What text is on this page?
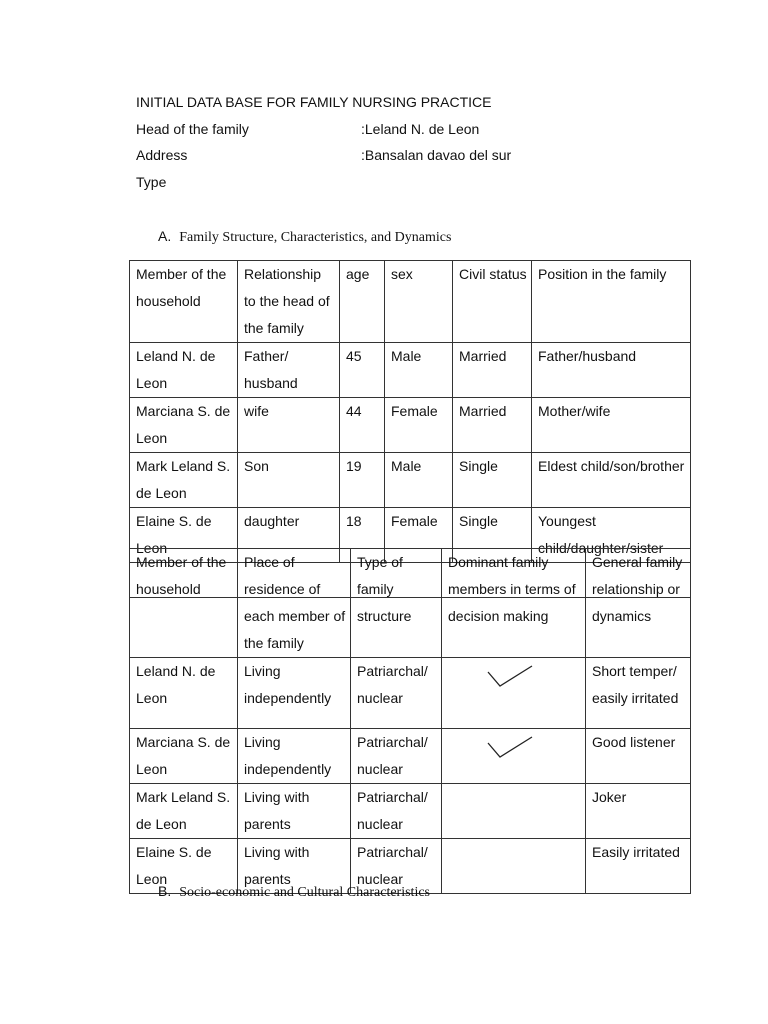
INITIAL DATA BASE FOR FAMILY NURSING PRACTICE
Head of the family	:Leland N. de Leon
Address	:Bansalan davao del sur
Type
A. Family Structure, Characteristics, and Dynamics
Member of the household	Relationship to the head of the family	age	sex	Civil status	Position in the family
Leland N. de Leon	Father/ husband	45	Male	Married	Father/husband
Marciana S. de Leon	wife	44	Female	Married	Mother/wife
Mark Leland S. de Leon	Son	19	Male	Single	Eldest child/son/brother
Elaine S. de Leon	daughter	18	Female	Single	Youngest child/daughter/sister

Member of the household	Place of residence of each member of the family	Type of family structure	Dominant family members in terms of decision making	General family relationship or dynamics
Leland N. de Leon	Living independently	Patriarchal/ nuclear		Short temper/ easily irritated
Marciana S. de Leon	Living independently	Patriarchal/ nuclear		Good listener
Mark Leland S. de Leon	Living with parents	Patriarchal/ nuclear		Joker
Elaine S. de Leon	Living with parents	Patriarchal/ nuclear		Easily irritated
B. Socio-economic and Cultural Characteristics
